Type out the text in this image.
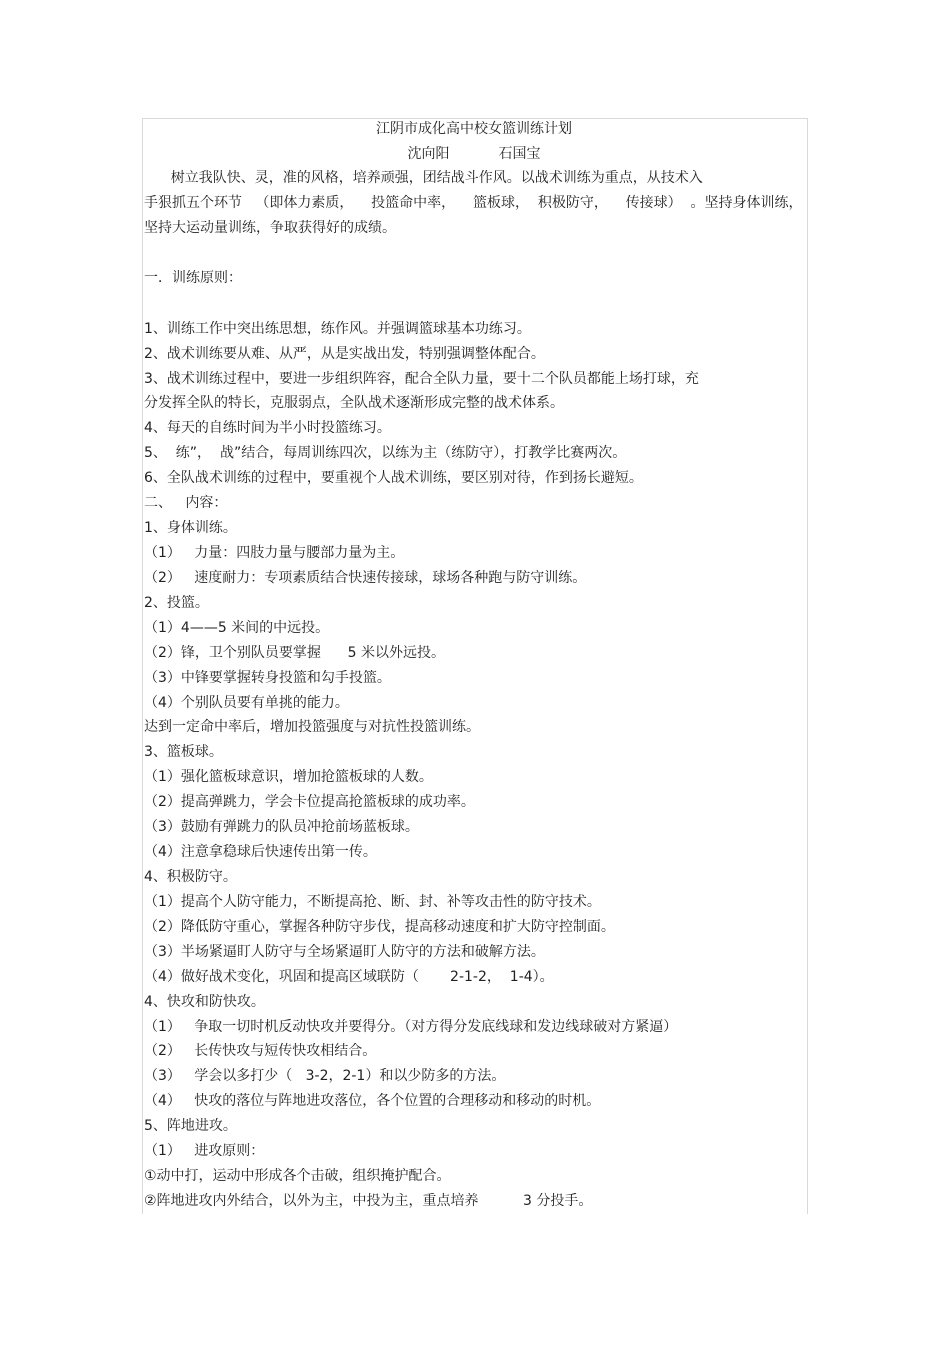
江阴市成化高中校女篮训练计划
沈向阳           石国宝
树立我队快、灵，准的风格，培养顽强，团结战斗作风。以战术训练为重点，从技术入
手狠抓五个环节   （即体力素质，    投篮命中率，    篮板球，  积极防守，    传接球）  。坚持身体训练，
坚持大运动量训练，争取获得好的成绩。
一．训练原则：
1、训练工作中突出练思想，练作风。并强调篮球基本功练习。
2、战术训练要从难、从严，从是实战出发，特别强调整体配合。
3、战术训练过程中，要进一步组织阵容，配合全队力量，要十二个队员都能上场打球，充
分发挥全队的特长，克服弱点，全队战术逐渐形成完整的战术体系。
4、每天的自练时间为半小时投篮练习。
5、  练”，  战”结合，每周训练四次，以练为主（练防守），打教学比赛两次。
6、全队战术训练的过程中，要重视个人战术训练，要区别对待，作到扬长避短。
二、   内容：
1、身体训练。
（1）   力量：四肢力量与腰部力量为主。
（2）   速度耐力：专项素质结合快速传接球，球场各种跑与防守训练。
2、投篮。
（1）4——5 米间的中远投。
（2）锋，卫个别队员要掌握      5 米以外远投。
（3）中锋要掌握转身投篮和勾手投篮。
（4）个别队员要有单挑的能力。
达到一定命中率后，增加投篮强度与对抗性投篮训练。
3、篮板球。
（1）强化篮板球意识，增加抢篮板球的人数。
（2）提高弹跳力，学会卡位提高抢篮板球的成功率。
（3）鼓励有弹跳力的队员冲抢前场蓝板球。
（4）注意拿稳球后快速传出第一传。
4、积极防守。
（1）提高个人防守能力，不断提高抢、断、封、补等攻击性的防守技术。
（2）降低防守重心，掌握各种防守步伐，提高移动速度和扩大防守控制面。
（3）半场紧逼盯人防守与全场紧逼盯人防守的方法和破解方法。
（4）做好战术变化，巩固和提高区域联防（       2-1-2，  1-4）。
4、快攻和防快攻。
（1）   争取一切时机反动快攻并要得分。（对方得分发底线球和发边线球破对方紧逼）
（2）   长传快攻与短传快攻相结合。
（3）   学会以多打少（   3-2，2-1）和以少防多的方法。
（4）   快攻的落位与阵地进攻落位，各个位置的合理移动和移动的时机。
5、阵地进攻。
（1）   进攻原则：
①动中打，运动中形成各个击破，组织掩护配合。
②阵地进攻内外结合，以外为主，中投为主，重点培养          3 分投手。
